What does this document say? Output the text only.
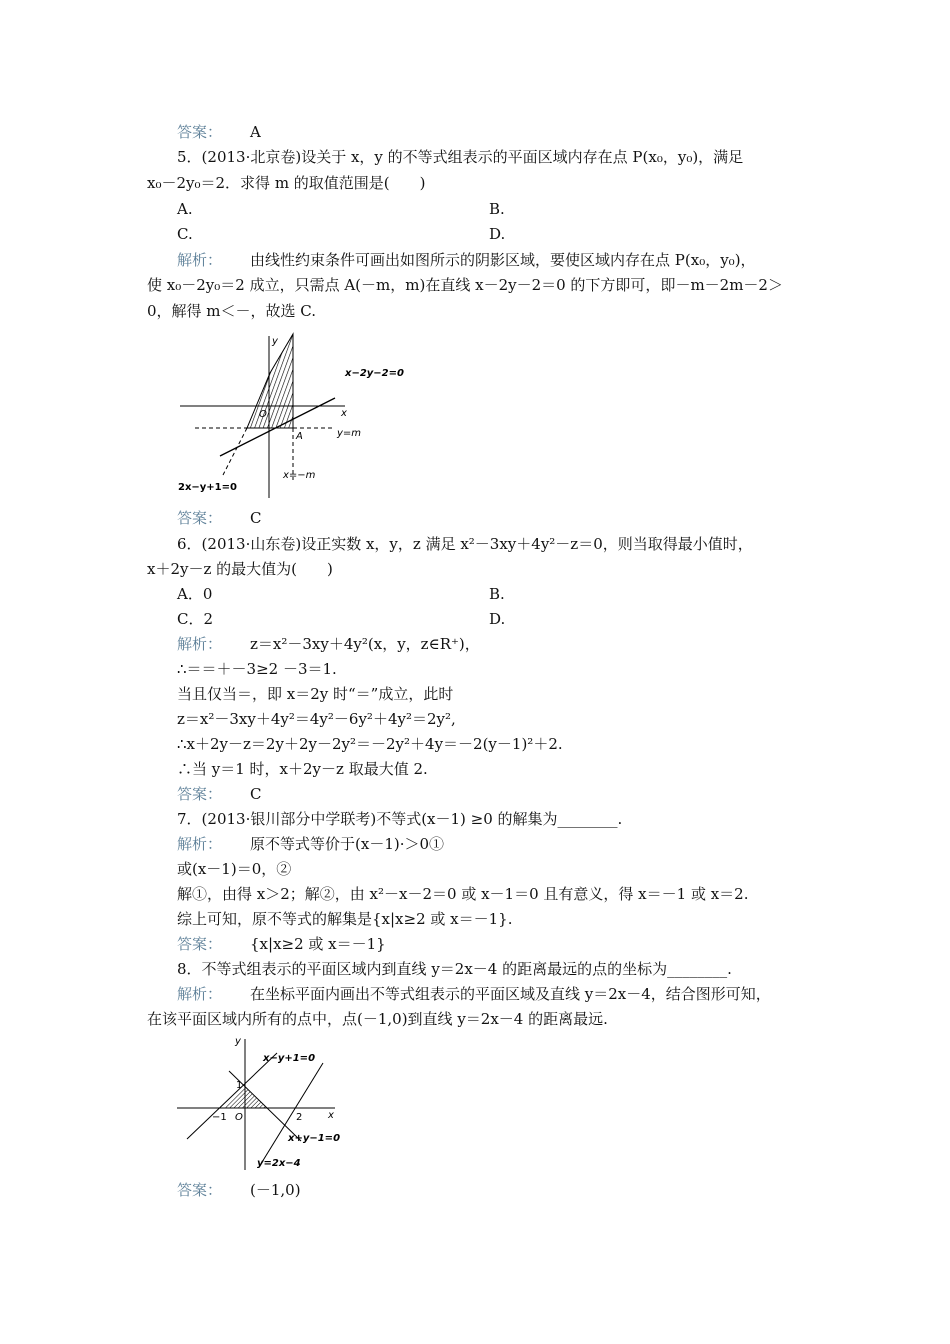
答案： A
5．(2013·北京卷)设关于 x，y 的不等式组表示的平面区域内存在点 P(x₀，y₀)，满足
x₀－2y₀＝2．求得 m 的取值范围是(　　)
A.	B.
C.	D.
解析： 由线性约束条件可画出如图所示的阴影区域，要使区域内存在点 P(x₀，y₀)，
使 x₀－2y₀＝2 成立，只需点 A(－m，m)在直线 x－2y－2＝0 的下方即可，即－m－2m－2＞
0，解得 m＜－，故选 C.
y
x
O
A
x−2y−2=0
y=m
x=−m
2x−y+1=0
答案： C
6．(2013·山东卷)设正实数 x，y，z 满足 x²－3xy＋4y²－z＝0，则当取得最小值时，
x＋2y－z 的最大值为(　　)
A．0	B.
C．2	D.
解析： z＝x²－3xy＋4y²(x，y，z∈R⁺)，
∴＝＝＋－3≥2 －3＝1.
当且仅当＝，即 x＝2y 时“＝”成立，此时
z＝x²－3xy＋4y²＝4y²－6y²＋4y²＝2y²,
∴x＋2y－z＝2y＋2y－2y²＝－2y²＋4y＝－2(y－1)²＋2.
∴当 y＝1 时，x＋2y－z 取最大值 2.
答案： C
7．(2013·银川部分中学联考)不等式(x－1) ≥0 的解集为________.
解析： 原不等式等价于(x－1)·＞0①
或(x－1)＝0，②
解①，由得 x＞2；解②，由 x²－x－2＝0 或 x－1＝0 且有意义，得 x＝－1 或 x＝2.
综上可知，原不等式的解集是{x|x≥2 或 x＝－1}.
答案： {x|x≥2 或 x＝－1}
8．不等式组表示的平面区域内到直线 y＝2x－4 的距离最远的点的坐标为________.
解析： 在坐标平面内画出不等式组表示的平面区域及直线 y＝2x－4，结合图形可知，
在该平面区域内所有的点中，点(－1,0)到直线 y＝2x－4 的距离最远.
y
x
O
1
−1	2
x−y+1=0
x+y−1=0
y=2x−4
答案： (－1,0)
